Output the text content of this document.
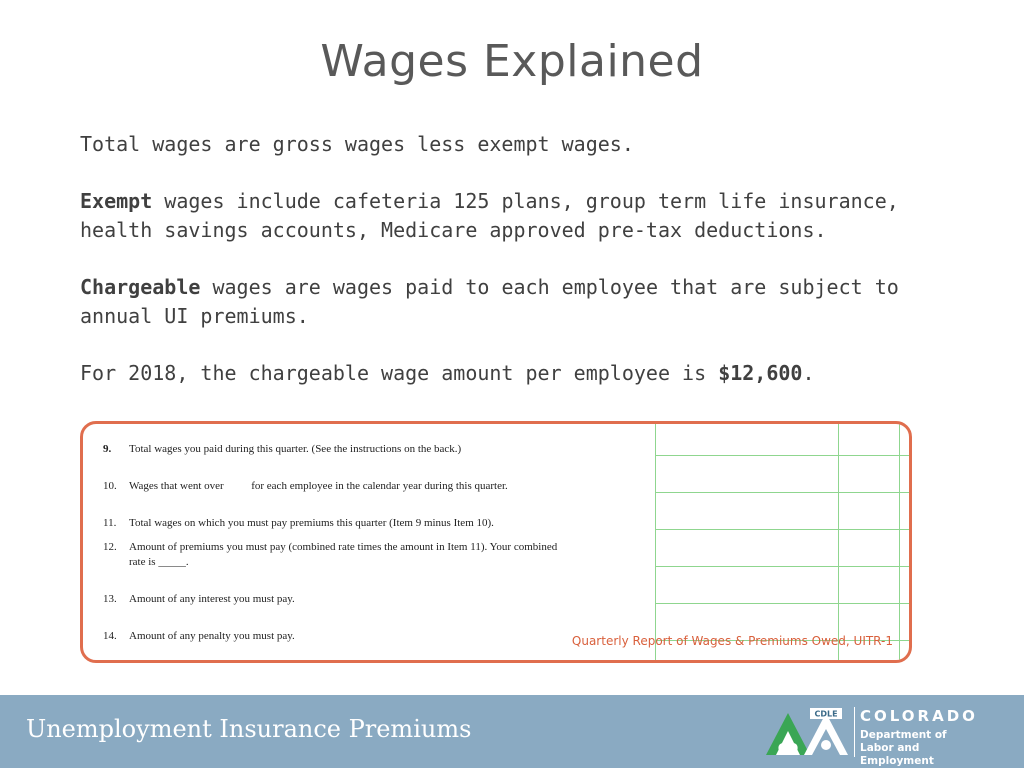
Wages Explained

Total wages are gross wages less exempt wages.

Exempt wages include cafeteria 125 plans, group term life insurance, health savings accounts, Medicare approved pre-tax deductions.

Chargeable wages are wages paid to each employee that are subject to annual UI premiums.

For 2018, the chargeable wage amount per employee is $12,600.

9. Total wages you paid during this quarter. (See the instructions on the back.)
10. Wages that went over          for each employee in the calendar year during this quarter.
11. Total wages on which you must pay premiums this quarter (Item 9 minus Item 10).
12. Amount of premiums you must pay (combined rate times the amount in Item 11). Your combined
rate is _____.
13. Amount of any interest you must pay.
14. Amount of any penalty you must pay.	Quarterly Report of Wages & Premiums Owed, UITR-1
Unemployment Insurance Premiums
CDLE
CO
COLORADO
Department of
Labor and Employment
